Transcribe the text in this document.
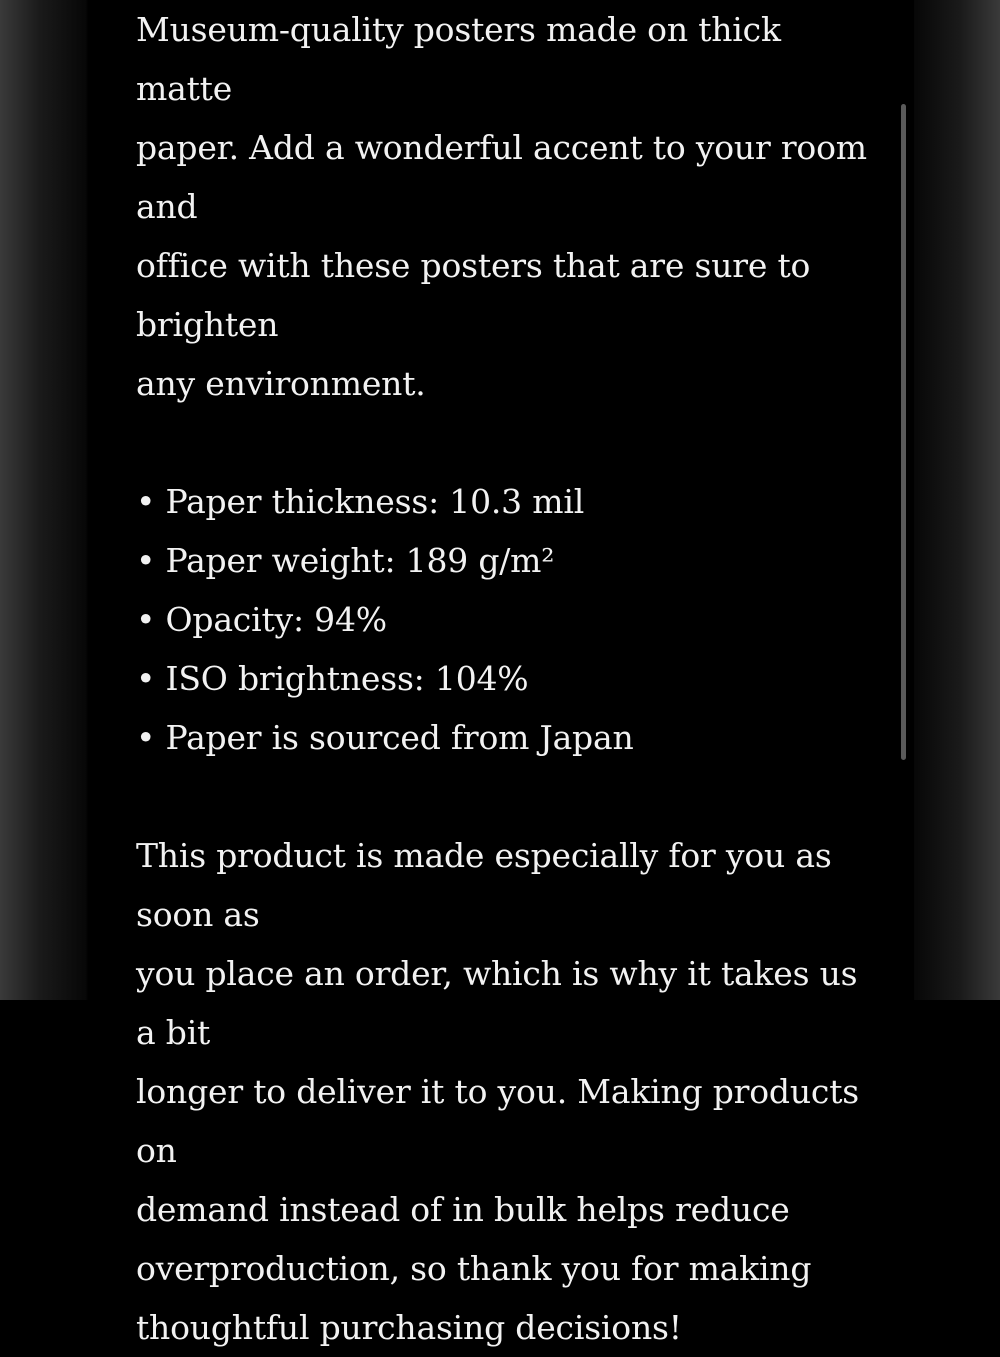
Museum-quality posters made on thick matte
paper. Add a wonderful accent to your room and
office with these posters that are sure to brighten
any environment.

• Paper thickness: 10.3 mil
• Paper weight: 189 g/m²
• Opacity: 94%
• ISO brightness: 104%
• Paper is sourced from Japan

This product is made especially for you as soon as
you place an order, which is why it takes us a bit
longer to deliver it to you. Making products on
demand instead of in bulk helps reduce
overproduction, so thank you for making
thoughtful purchasing decisions!
